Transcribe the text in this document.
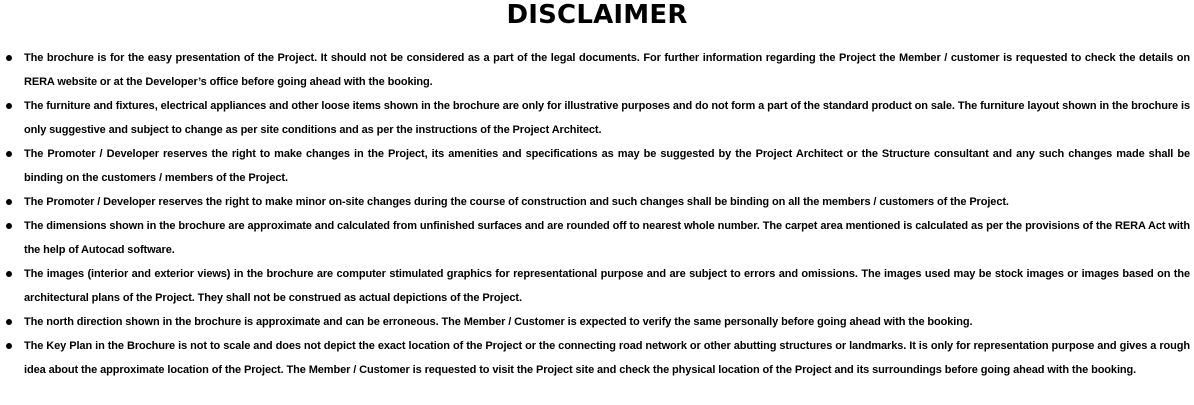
DISCLAIMER
The brochure is for the easy presentation of the Project. It should not be considered as a part of the legal documents. For further information regarding the Project the Member / customer is requested to check the details on RERA website or at the Developer’s office before going ahead with the booking.
The furniture and fixtures, electrical appliances and other loose items shown in the brochure are only for illustrative purposes and do not form a part of the standard product on sale. The furniture layout shown in the brochure is only suggestive and subject to change as per site conditions and as per the instructions of the Project Architect.
The Promoter / Developer reserves the right to make changes in the Project, its amenities and specifications as may be suggested by the Project Architect or the Structure consultant and any such changes made shall be binding on the customers / members of the Project.
The Promoter / Developer reserves the right to make minor on-site changes during the course of construction and such changes shall be binding on all the members / customers of the Project.
The dimensions shown in the brochure are approximate and calculated from unfinished surfaces and are rounded off to nearest whole number. The carpet area mentioned is calculated as per the provisions of the RERA Act with the help of Autocad software.
The images (interior and exterior views) in the brochure are computer stimulated graphics for representational purpose and are subject to errors and omissions. The images used may be stock images or images based on the architectural plans of the Project. They shall not be construed as actual depictions of the Project.
The north direction shown in the brochure is approximate and can be erroneous. The Member / Customer is expected to verify the same personally before going ahead with the booking.
The Key Plan in the Brochure is not to scale and does not depict the exact location of the Project or the connecting road network or other abutting structures or landmarks. It is only for representation purpose and gives a rough idea about the approximate location of the Project. The Member / Customer is requested to visit the Project site and check the physical location of the Project and its surroundings before going ahead with the booking.
